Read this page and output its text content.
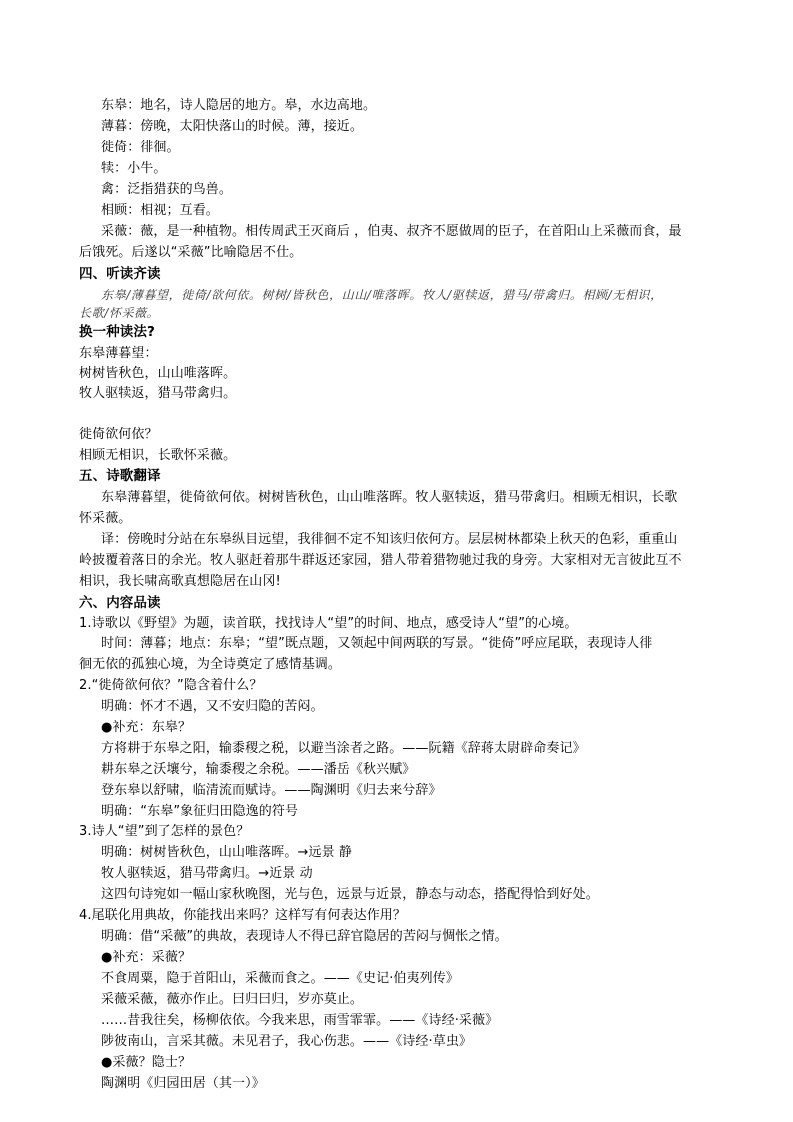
东皋：地名，诗人隐居的地方。皋，水边高地。
薄暮：傍晚，太阳快落山的时候。薄，接近。
徙倚：徘徊。
犊：小牛。
禽：泛指猎获的鸟兽。
相顾：相视；互看。
采薇：薇，是一种植物。相传周武王灭商后 ，伯夷、叔齐不愿做周的臣子，在首阳山上采薇而食，最
后饿死。后遂以“采薇”比喻隐居不仕。
四、听读齐读
东皋/薄暮望，徙倚/欲何依。树树/皆秋色，山山/唯落晖。牧人/驱犊返，猎马/带禽归。相顾/无相识，
长歌/怀采薇。
换一种读法?
东皋薄暮望：
树树皆秋色，山山唯落晖。
牧人驱犊返，猎马带禽归。
徙倚欲何依？
相顾无相识，长歌怀采薇。
五、诗歌翻译
东皋薄暮望，徙倚欲何依。树树皆秋色，山山唯落晖。牧人驱犊返，猎马带禽归。相顾无相识，长歌
怀采薇。
译：傍晚时分站在东皋纵目远望，我徘徊不定不知该归依何方。层层树林都染上秋天的色彩，重重山
岭披覆着落日的余光。牧人驱赶着那牛群返还家园，猎人带着猎物驰过我的身旁。大家相对无言彼此互不
相识，我长啸高歌真想隐居在山冈!
六、内容品读
1.诗歌以《野望》为题，读首联，找找诗人“望”的时间、地点，感受诗人“望”的心境。
时间：薄暮；地点：东皋；“望”既点题，又领起中间两联的写景。“徙倚”呼应尾联，表现诗人徘
徊无依的孤独心境，为全诗奠定了感情基调。
2.“徙倚欲何依？”隐含着什么？
明确：怀才不遇，又不安归隐的苦闷。
●补充：东皋？
方将耕于东皋之阳，输黍稷之税，以避当涂者之路。——阮籍《辞蒋太尉辟命奏记》
耕东皋之沃壤兮，输黍稷之余税。——潘岳《秋兴赋》
登东皋以舒啸，临清流而赋诗。——陶渊明《归去来兮辞》
明确：“东皋”象征归田隐逸的符号
3.诗人“望”到了怎样的景色？
明确：树树皆秋色，山山唯落晖。→远景 静
牧人驱犊返，猎马带禽归。→近景 动
这四句诗宛如一幅山家秋晚图，光与色，远景与近景，静态与动态，搭配得恰到好处。
4.尾联化用典故，你能找出来吗？这样写有何表达作用？
明确：借“采薇”的典故，表现诗人不得已辞官隐居的苦闷与惆怅之情。
●补充：采薇？
不食周粟，隐于首阳山，采薇而食之。——《史记·伯夷列传》
采薇采薇，薇亦作止。曰归曰归，岁亦莫止。
……昔我往矣，杨柳依依。今我来思，雨雪霏霏。——《诗经·采薇》
陟彼南山，言采其薇。未见君子，我心伤悲。——《诗经·草虫》
●采薇？隐士？
陶渊明《归园田居（其一）》
